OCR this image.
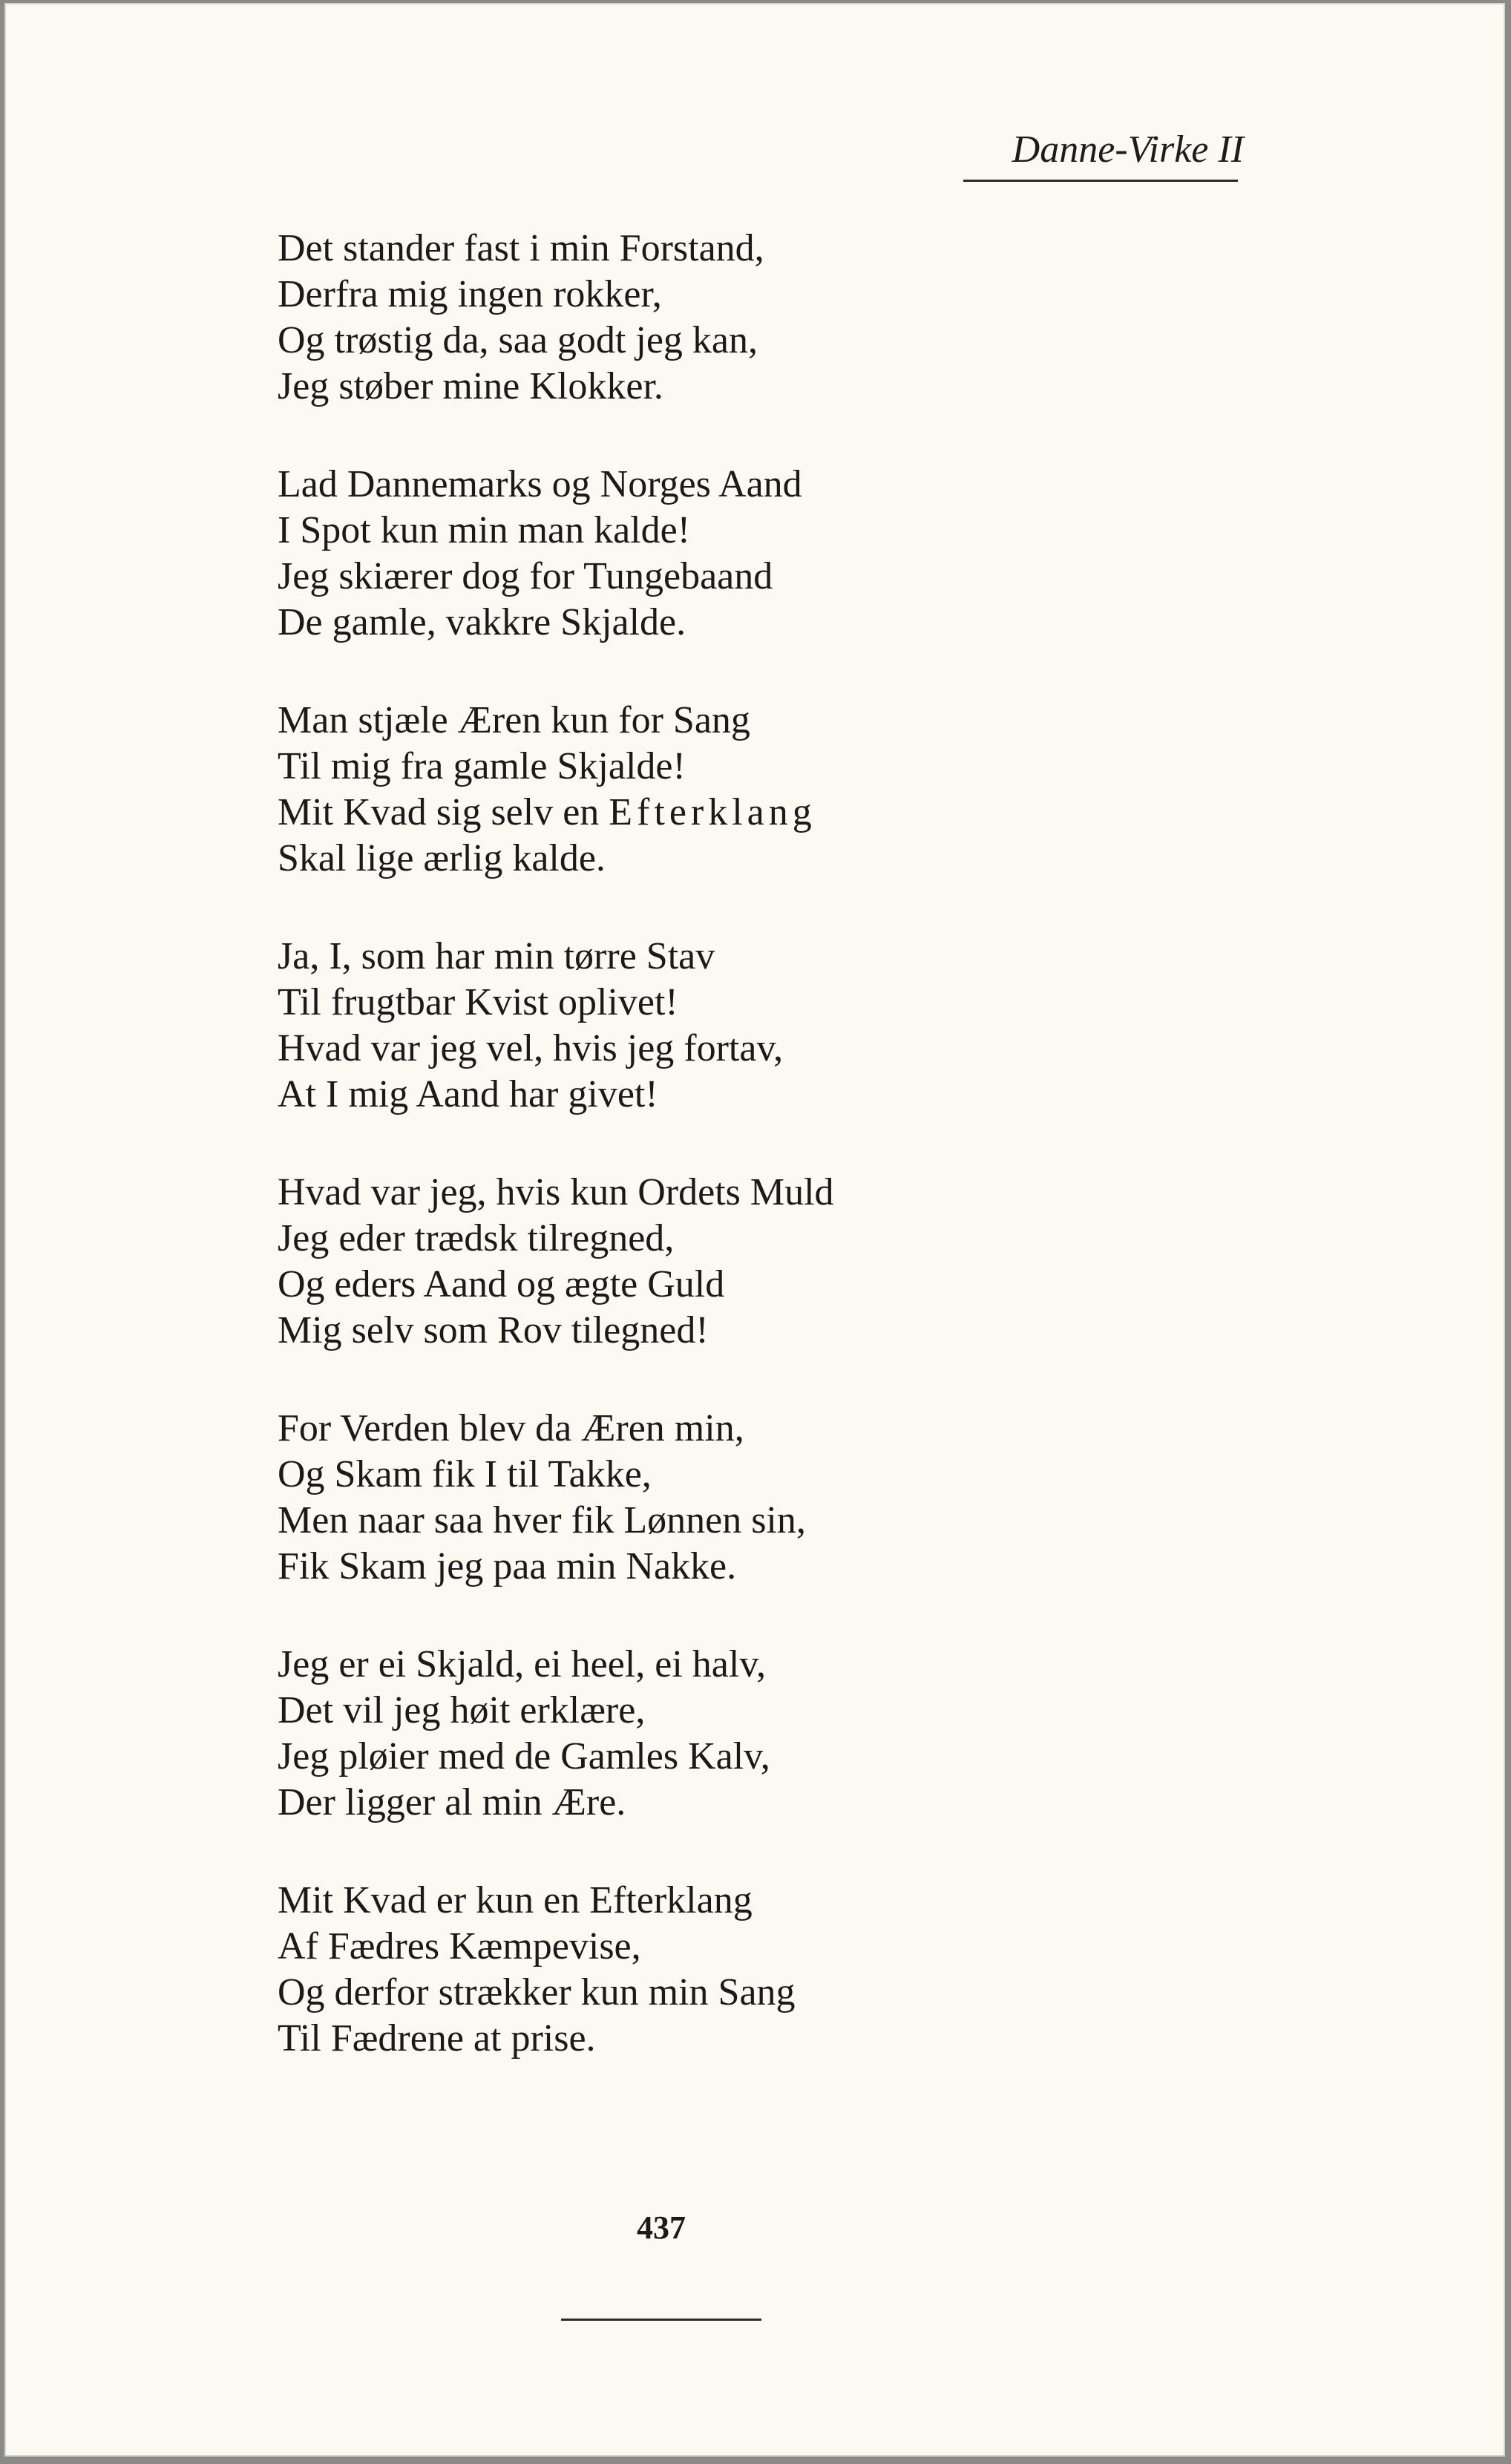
Danne-Virke II
Det stander fast i min Forstand,
Derfra mig ingen rokker,
Og trøstig da, saa godt jeg kan,
Jeg støber mine Klokker.
Lad Dannemarks og Norges Aand
I Spot kun min man kalde!
Jeg skiærer dog for Tungebaand
De gamle, vakkre Skjalde.
Man stjæle Æren kun for Sang
Til mig fra gamle Skjalde!
Mit Kvad sig selv en Efterklang
Skal lige ærlig kalde.
Ja, I, som har min tørre Stav
Til frugtbar Kvist oplivet!
Hvad var jeg vel, hvis jeg fortav,
At I mig Aand har givet!
Hvad var jeg, hvis kun Ordets Muld
Jeg eder trædsk tilregned,
Og eders Aand og ægte Guld
Mig selv som Rov tilegned!
For Verden blev da Æren min,
Og Skam fik I til Takke,
Men naar saa hver fik Lønnen sin,
Fik Skam jeg paa min Nakke.
Jeg er ei Skjald, ei heel, ei halv,
Det vil jeg høit erklære,
Jeg pløier med de Gamles Kalv,
Der ligger al min Ære.
Mit Kvad er kun en Efterklang
Af Fædres Kæmpevise,
Og derfor strækker kun min Sang
Til Fædrene at prise.
437
